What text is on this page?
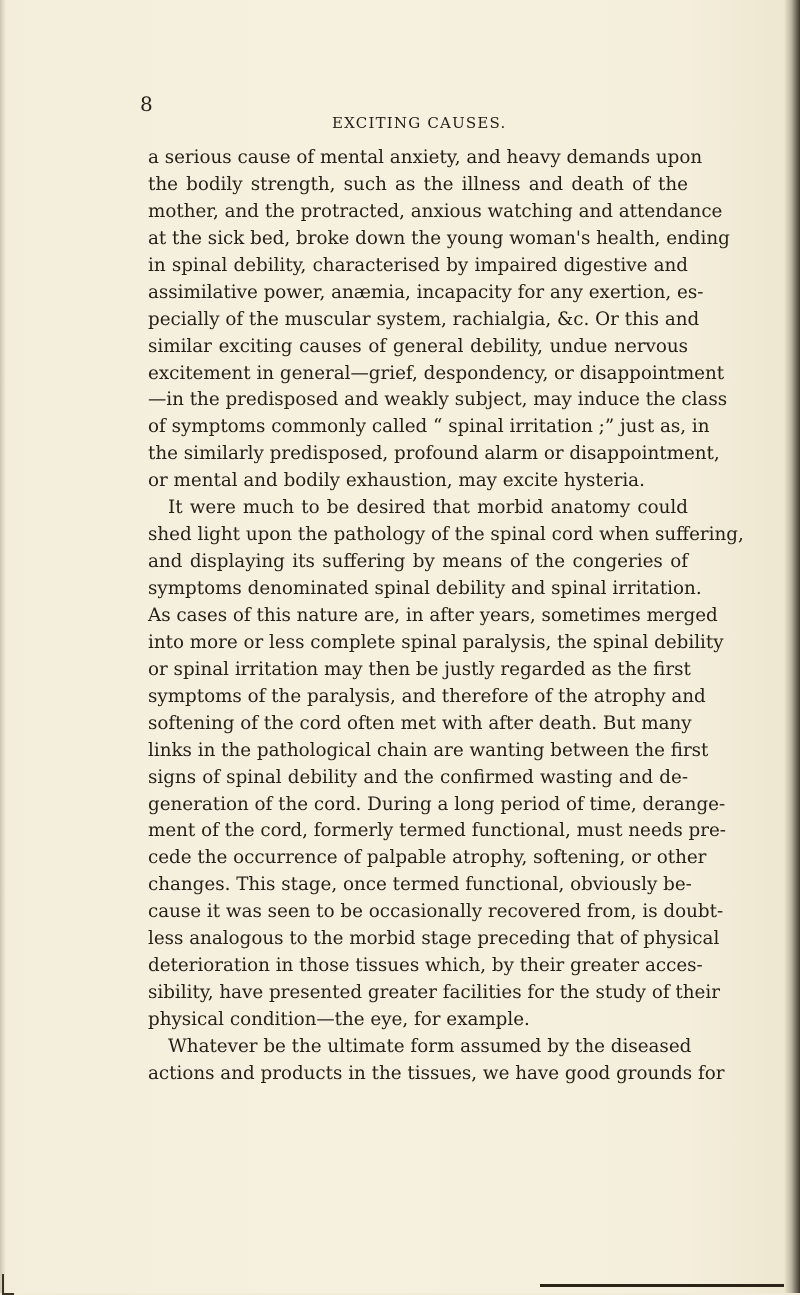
8
EXCITING CAUSES.
a serious cause of mental anxiety, and heavy demands upon
the bodily strength, such as the illness and death of the
mother, and the protracted, anxious watching and attendance
at the sick bed, broke down the young woman's health, ending
in spinal debility, characterised by impaired digestive and
assimilative power, anæmia, incapacity for any exertion, es-
pecially of the muscular system, rachialgia, &c. Or this and
similar exciting causes of general debility, undue nervous
excitement in general—grief, despondency, or disappointment
—in the predisposed and weakly subject, may induce the class
of symptoms commonly called “ spinal irritation ;” just as, in
the similarly predisposed, profound alarm or disappointment,
or mental and bodily exhaustion, may excite hysteria.
It were much to be desired that morbid anatomy could
shed light upon the pathology of the spinal cord when suffering,
and displaying its suffering by means of the congeries of
symptoms denominated spinal debility and spinal irritation.
As cases of this nature are, in after years, sometimes merged
into more or less complete spinal paralysis, the spinal debility
or spinal irritation may then be justly regarded as the first
symptoms of the paralysis, and therefore of the atrophy and
softening of the cord often met with after death. But many
links in the pathological chain are wanting between the first
signs of spinal debility and the confirmed wasting and de-
generation of the cord. During a long period of time, derange-
ment of the cord, formerly termed functional, must needs pre-
cede the occurrence of palpable atrophy, softening, or other
changes. This stage, once termed functional, obviously be-
cause it was seen to be occasionally recovered from, is doubt-
less analogous to the morbid stage preceding that of physical
deterioration in those tissues which, by their greater acces-
sibility, have presented greater facilities for the study of their
physical condition—the eye, for example.
Whatever be the ultimate form assumed by the diseased
actions and products in the tissues, we have good grounds for
